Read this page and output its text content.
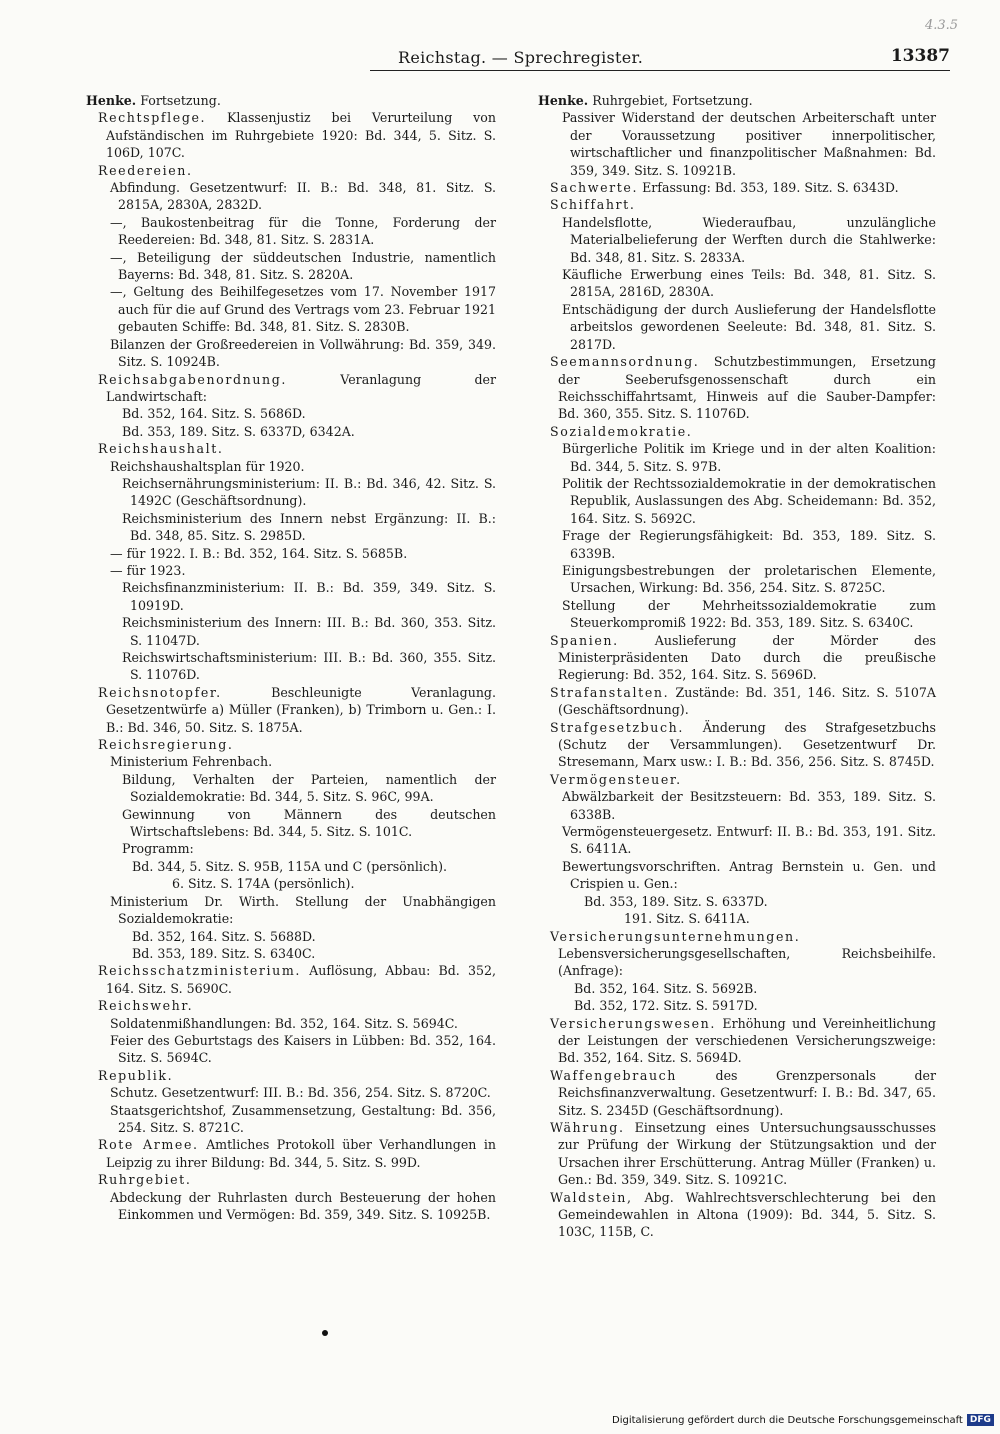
4.3.5
Reichstag. — Sprechregister.	13387

Henke. Fortsetzung.

Rechtspflege. Klassenjustiz bei Verurteilung von Aufständischen im Ruhrgebiete 1920: Bd. 344, 5. Sitz. S. 106D, 107C.

Reedereien.

Abfindung. Gesetzentwurf: II. B.: Bd. 348, 81. Sitz. S. 2815A, 2830A, 2832D.

—, Baukostenbeitrag für die Tonne, Forderung der Reedereien: Bd. 348, 81. Sitz. S. 2831A.

—, Beteiligung der süddeutschen Industrie, namentlich Bayerns: Bd. 348, 81. Sitz. S. 2820A.

—, Geltung des Beihilfegesetzes vom 17. November 1917 auch für die auf Grund des Vertrags vom 23. Februar 1921 gebauten Schiffe: Bd. 348, 81. Sitz. S. 2830B.

Bilanzen der Großreedereien in Vollwährung: Bd. 359, 349. Sitz. S. 10924B.

Reichsabgabenordnung. Veranlagung der Landwirtschaft:

Bd. 352, 164. Sitz. S. 5686D.

Bd. 353, 189. Sitz. S. 6337D, 6342A.

Reichshaushalt.

Reichshaushaltsplan für 1920.

Reichsernährungsministerium: II. B.: Bd. 346, 42. Sitz. S. 1492C (Geschäftsordnung).

Reichsministerium des Innern nebst Ergänzung: II. B.: Bd. 348, 85. Sitz. S. 2985D.

— für 1922. I. B.: Bd. 352, 164. Sitz. S. 5685B.

— für 1923.

Reichsfinanzministerium: II. B.: Bd. 359, 349. Sitz. S. 10919D.

Reichsministerium des Innern: III. B.: Bd. 360, 353. Sitz. S. 11047D.

Reichswirtschaftsministerium: III. B.: Bd. 360, 355. Sitz. S. 11076D.

Reichsnotopfer. Beschleunigte Veranlagung. Gesetzentwürfe a) Müller (Franken), b) Trimborn u. Gen.: I. B.: Bd. 346, 50. Sitz. S. 1875A.

Reichsregierung.

Ministerium Fehrenbach.

Bildung, Verhalten der Parteien, namentlich der Sozialdemokratie: Bd. 344, 5. Sitz. S. 96C, 99A.

Gewinnung von Männern des deutschen Wirtschaftslebens: Bd. 344, 5. Sitz. S. 101C.

Programm:

Bd. 344, 5. Sitz. S. 95B, 115A und C (persönlich).

6. Sitz. S. 174A (persönlich).

Ministerium Dr. Wirth. Stellung der Unabhängigen Sozialdemokratie:

Bd. 352, 164. Sitz. S. 5688D.

Bd. 353, 189. Sitz. S. 6340C.

Reichsschatzministerium. Auflösung, Abbau: Bd. 352, 164. Sitz. S. 5690C.

Reichswehr.

Soldatenmißhandlungen: Bd. 352, 164. Sitz. S. 5694C.

Feier des Geburtstags des Kaisers in Lübben: Bd. 352, 164. Sitz. S. 5694C.

Republik.

Schutz. Gesetzentwurf: III. B.: Bd. 356, 254. Sitz. S. 8720C.

Staatsgerichtshof, Zusammensetzung, Gestaltung: Bd. 356, 254. Sitz. S. 8721C.

Rote Armee. Amtliches Protokoll über Verhandlungen in Leipzig zu ihrer Bildung: Bd. 344, 5. Sitz. S. 99D.

Ruhrgebiet.

Abdeckung der Ruhrlasten durch Besteuerung der hohen Einkommen und Vermögen: Bd. 359, 349. Sitz. S. 10925B.

Henke. Ruhrgebiet, Fortsetzung.

Passiver Widerstand der deutschen Arbeiterschaft unter der Voraussetzung positiver innerpolitischer, wirtschaftlicher und finanzpolitischer Maßnahmen: Bd. 359, 349. Sitz. S. 10921B.

Sachwerte. Erfassung: Bd. 353, 189. Sitz. S. 6343D.

Schiffahrt.

Handelsflotte, Wiederaufbau, unzulängliche Materialbelieferung der Werften durch die Stahlwerke: Bd. 348, 81. Sitz. S. 2833A.

Käufliche Erwerbung eines Teils: Bd. 348, 81. Sitz. S. 2815A, 2816D, 2830A.

Entschädigung der durch Auslieferung der Handelsflotte arbeitslos gewordenen Seeleute: Bd. 348, 81. Sitz. S. 2817D.

Seemannsordnung. Schutzbestimmungen, Ersetzung der Seeberufsgenossenschaft durch ein Reichsschiffahrtsamt, Hinweis auf die Sauber-Dampfer: Bd. 360, 355. Sitz. S. 11076D.

Sozialdemokratie.

Bürgerliche Politik im Kriege und in der alten Koalition: Bd. 344, 5. Sitz. S. 97B.

Politik der Rechtssozialdemokratie in der demokratischen Republik, Auslassungen des Abg. Scheidemann: Bd. 352, 164. Sitz. S. 5692C.

Frage der Regierungsfähigkeit: Bd. 353, 189. Sitz. S. 6339B.

Einigungsbestrebungen der proletarischen Elemente, Ursachen, Wirkung: Bd. 356, 254. Sitz. S. 8725C.

Stellung der Mehrheitssozialdemokratie zum Steuerkompromiß 1922: Bd. 353, 189. Sitz. S. 6340C.

Spanien. Auslieferung der Mörder des Ministerpräsidenten Dato durch die preußische Regierung: Bd. 352, 164. Sitz. S. 5696D.

Strafanstalten. Zustände: Bd. 351, 146. Sitz. S. 5107A (Geschäftsordnung).

Strafgesetzbuch. Änderung des Strafgesetzbuchs (Schutz der Versammlungen). Gesetzentwurf Dr. Stresemann, Marx usw.: I. B.: Bd. 356, 256. Sitz. S. 8745D.

Vermögensteuer.

Abwälzbarkeit der Besitzsteuern: Bd. 353, 189. Sitz. S. 6338B.

Vermögensteuergesetz. Entwurf: II. B.: Bd. 353, 191. Sitz. S. 6411A.

Bewertungsvorschriften. Antrag Bernstein u. Gen. und Crispien u. Gen.:

Bd. 353, 189. Sitz. S. 6337D.

191. Sitz. S. 6411A.

Versicherungsunternehmungen. Lebensversicherungsgesellschaften, Reichsbeihilfe. (Anfrage):

Bd. 352, 164. Sitz. S. 5692B.

Bd. 352, 172. Sitz. S. 5917D.

Versicherungswesen. Erhöhung und Vereinheitlichung der Leistungen der verschiedenen Versicherungszweige: Bd. 352, 164. Sitz. S. 5694D.

Waffengebrauch des Grenzpersonals der Reichsfinanzverwaltung. Gesetzentwurf: I. B.: Bd. 347, 65. Sitz. S. 2345D (Geschäftsordnung).

Währung. Einsetzung eines Untersuchungsausschusses zur Prüfung der Wirkung der Stützungsaktion und der Ursachen ihrer Erschütterung. Antrag Müller (Franken) u. Gen.: Bd. 359, 349. Sitz. S. 10921C.

Waldstein, Abg. Wahlrechtsverschlechterung bei den Gemeindewahlen in Altona (1909): Bd. 344, 5. Sitz. S. 103C, 115B, C.

Digitalisierung gefördert durch die Deutsche Forschungsgemeinschaft DFG
